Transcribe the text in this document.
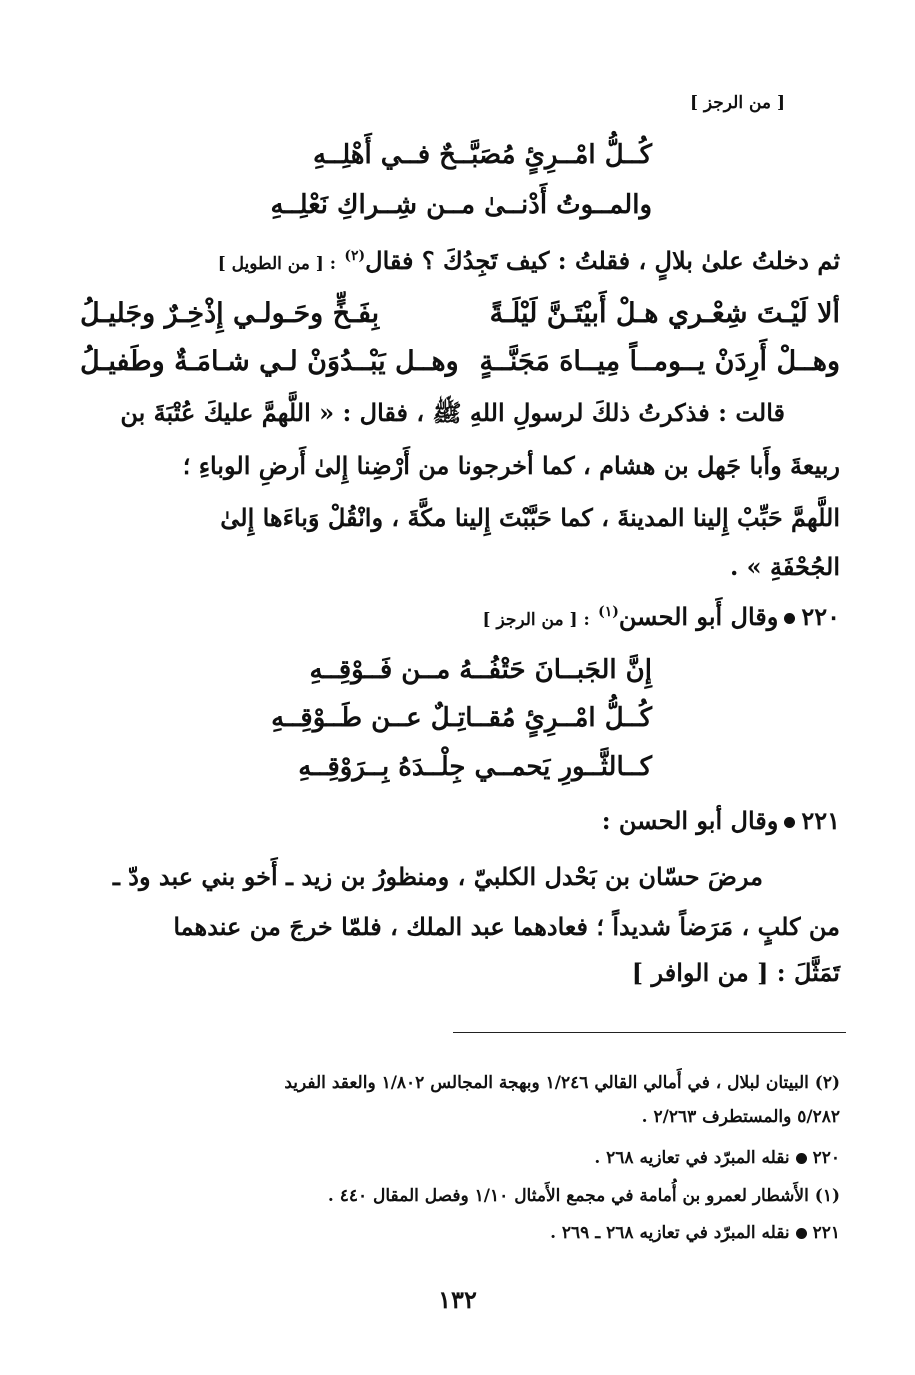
[ من الرجز ]
كُــلُّ امْــرِئٍ مُصَبَّــحٌ فــي أَهْلِــهِ
والمــوتُ أَدْنــىٰ مــن شِــراكِ نَعْلِــهِ
ثم دخلتُ علىٰ بلالٍ ، فقلتُ : كيف تَجِدُكَ ؟ فقال$^{(٢)}$ : [ من الطويل ]
ألا لَيْـتَ شِعْـري هـلْ أَبيْتَـنَّ لَيْلَـةً
بِفَـخٍّ وحَـولـي إِذْخِـرٌ وجَليـلُ
وهــلْ أَرِدَنْ يــومــاً مِيــاهَ مَجَنَّــةٍ
وهــل يَبْــدُوَنْ لـي شـامَـةٌ وطَفيـلُ
قالت : فذكرتُ ذلكَ لرسولِ اللهِ ﷺ ، فقال : « اللَّهمَّ عليكَ عُتْبَةَ بن
ربيعةَ وأَبا جَهل بن هشام ، كما أخرجونا من أَرْضِنا إِلىٰ أَرضِ الوباءِ ؛
اللَّهمَّ حَبِّبْ إِلينا المدينةَ ، كما حَبَّبْتَ إِلينا مكَّةَ ، وانْقُلْ وَباءَها إِلىٰ
الجُحْفَةِ » .
٢٢٠وقال أَبو الحسن$^{(١)}$ : [ من الرجز ]
إِنَّ الجَبــانَ حَتْفُــهُ مــن فَــوْقِــهِ
كُــلُّ امْــرِئٍ مُقــاتِـلٌ عــن طَــوْقِــهِ
كــالثَّــورِ يَحمــي جِلْــدَهُ بِــرَوْقِــهِ
٢٢١وقال أبو الحسن :
مرضَ حسّان بن بَحْدل الكلبيّ ، ومنظورُ بن زيد ـ أَخو بني عبد ودّ ـ
من كلبٍ ، مَرَضاً شديداً ؛ فعادهما عبد الملك ، فلمّا خرجَ من عندهما
تَمَثَّلَ : [ من الوافر ]
(٢) البيتان لبلال ، في أَمالي القالي ١/٢٤٦ وبهجة المجالس ١/٨٠٢ والعقد الفريد
٥/٢٨٢ والمستطرف ٢/٢٦٣ .
٢٢٠نقله المبرّد في تعازيه ٢٦٨ .
(١) الأَشطار لعمرو بن أُمامة في مجمع الأَمثال ١/١٠ وفصل المقال ٤٤٠ .
٢٢١نقله المبرّد في تعازيه ٢٦٨ ـ ٢٦٩ .
١٣٢
